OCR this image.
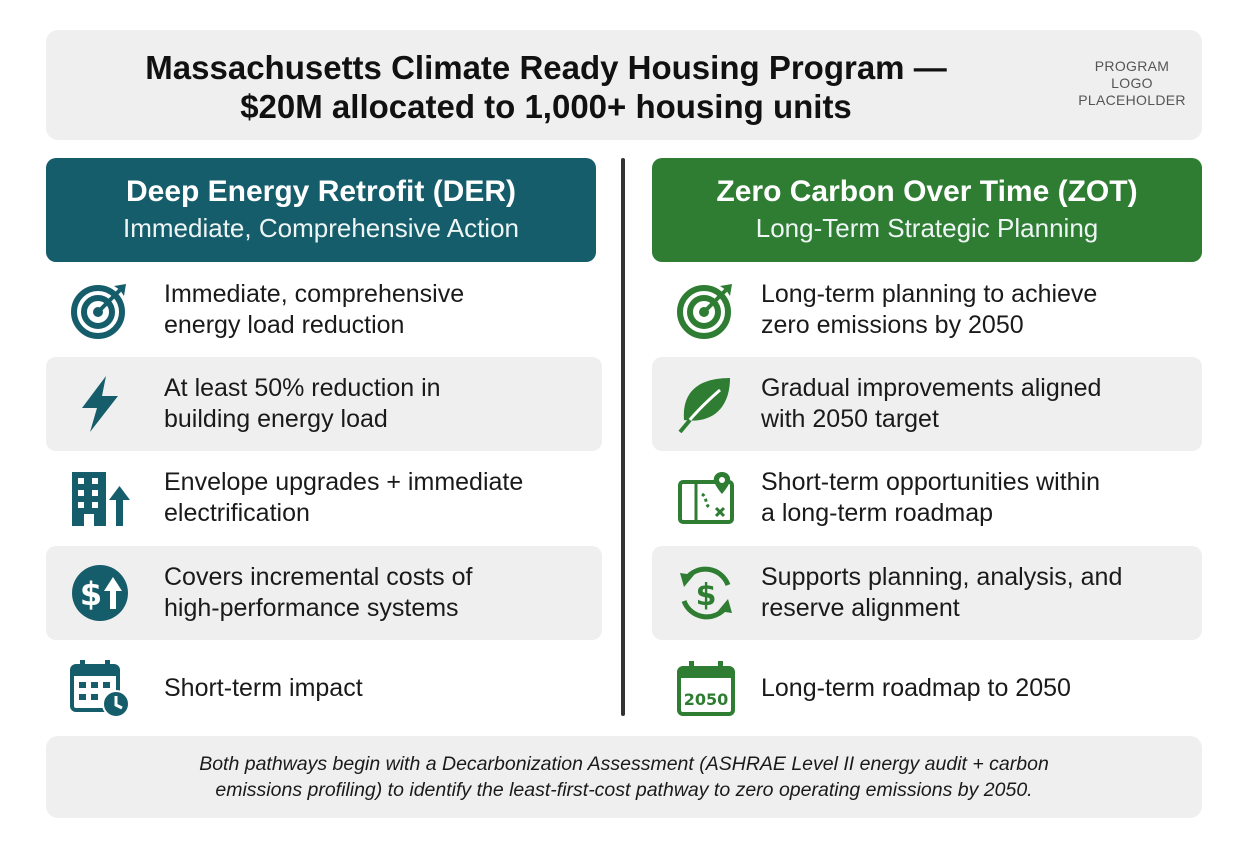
Massachusetts Climate Ready Housing Program —
$20M allocated to 1,000+ housing units
PROGRAM
LOGO
PLACEHOLDER
Deep Energy Retrofit (DER)
Immediate, Comprehensive Action
Zero Carbon Over Time (ZOT)
Long-Term Strategic Planning
Immediate, comprehensive
energy load reduction
At least 50% reduction in
building energy load
Envelope upgrades + immediate
electrification
$ Covers incremental costs of
high-performance systems
Short-term impact
Long-term planning to achieve
zero emissions by 2050
Gradual improvements aligned
with 2050 target
Short-term opportunities within
a long-term roadmap
$
Supports planning, analysis, and
reserve alignment
2050 Long-term roadmap to 2050
Both pathways begin with a Decarbonization Assessment (ASHRAE Level II energy audit + carbon
emissions profiling) to identify the least-first-cost pathway to zero operating emissions by 2050.
